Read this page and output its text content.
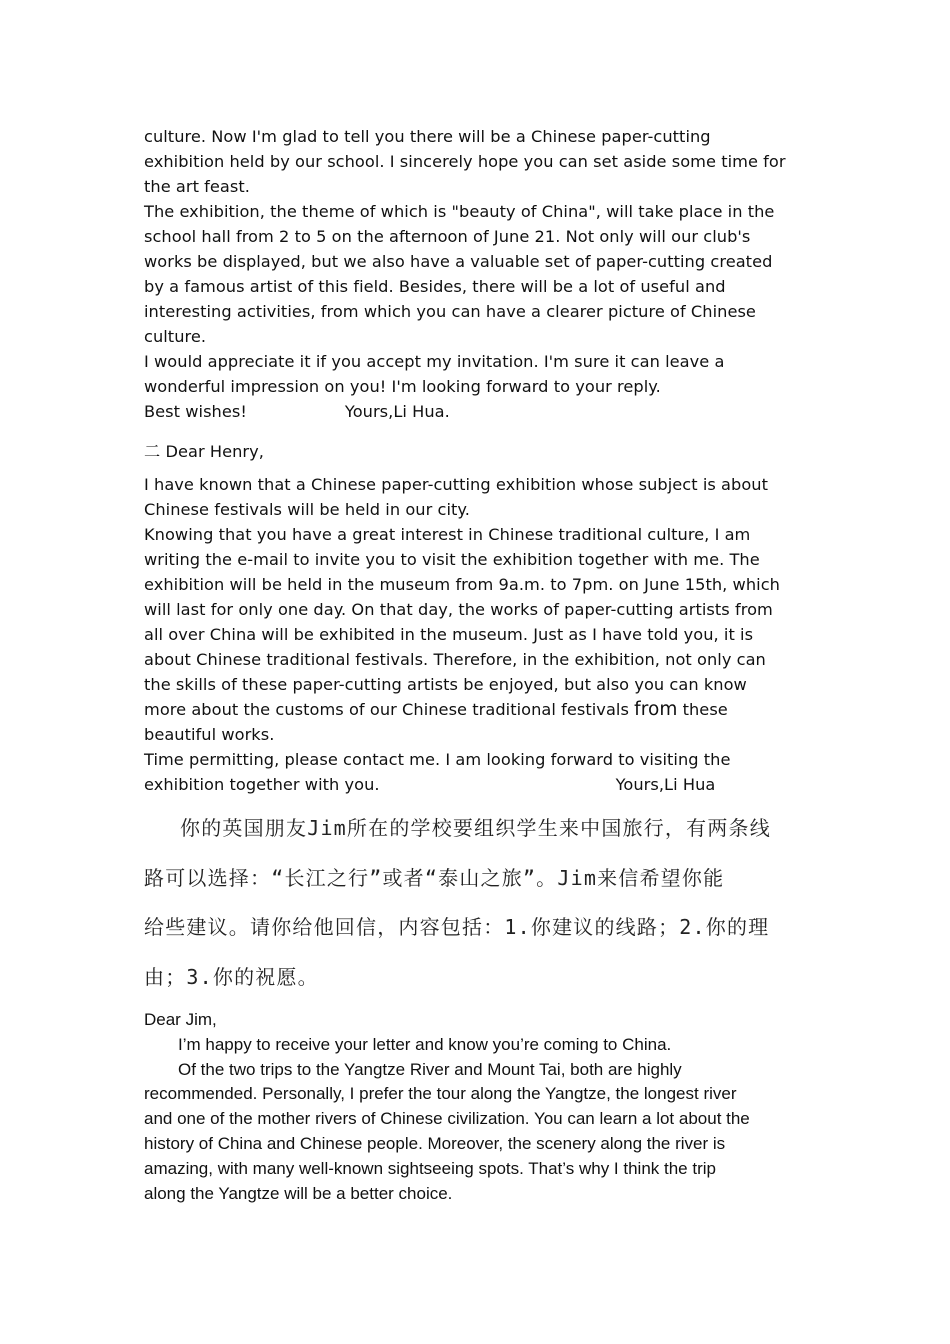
culture. Now I'm glad to tell you there will be a Chinese paper-cutting
exhibition held by our school. I sincerely hope you can set aside some time for
the art feast.
The exhibition, the theme of which is "beauty of China", will take place in the
school hall from 2 to 5 on the afternoon of June 21. Not only will our club's
works be displayed, but we also have a valuable set of paper-cutting created
by a famous artist of this field. Besides, there will be a lot of useful and
interesting activities, from which you can have a clearer picture of Chinese
culture.
I would appreciate it if you accept my invitation. I'm sure it can leave a
wonderful impression on you! I'm looking forward to your reply.
Best wishes!	Yours,Li Hua.
二 Dear Henry,
I have known that a Chinese paper-cutting exhibition whose subject is about
Chinese festivals will be held in our city.
Knowing that you have a great interest in Chinese traditional culture, I am
writing the e-mail to invite you to visit the exhibition together with me. The
exhibition will be held in the museum from 9a.m. to 7pm. on June 15th, which
will last for only one day. On that day, the works of paper-cutting artists from
all over China will be exhibited in the museum. Just as I have told you, it is
about Chinese traditional festivals. Therefore, in the exhibition, not only can
the skills of these paper-cutting artists be enjoyed, but also you can know
more about the customs of our Chinese traditional festivals from these
beautiful works.
Time permitting, please contact me. I am looking forward to visiting the
exhibition together with you.	Yours,Li Hua
你的英国朋友Jim所在的学校要组织学生来中国旅行，有两条线
路可以选择：“长江之行”或者“泰山之旅”。Jim来信希望你能
给些建议。请你给他回信，内容包括：1.你建议的线路；2.你的理
由；3.你的祝愿。
Dear Jim,
I’m happy to receive your letter and know you’re coming to China.
Of the two trips to the Yangtze River and Mount Tai, both are highly
recommended. Personally, I prefer the tour along the Yangtze, the longest river
and one of the mother rivers of Chinese civilization. You can learn a lot about the
history of China and Chinese people. Moreover, the scenery along the river is
amazing, with many well-known sightseeing spots. That’s why I think the trip
along the Yangtze will be a better choice.
